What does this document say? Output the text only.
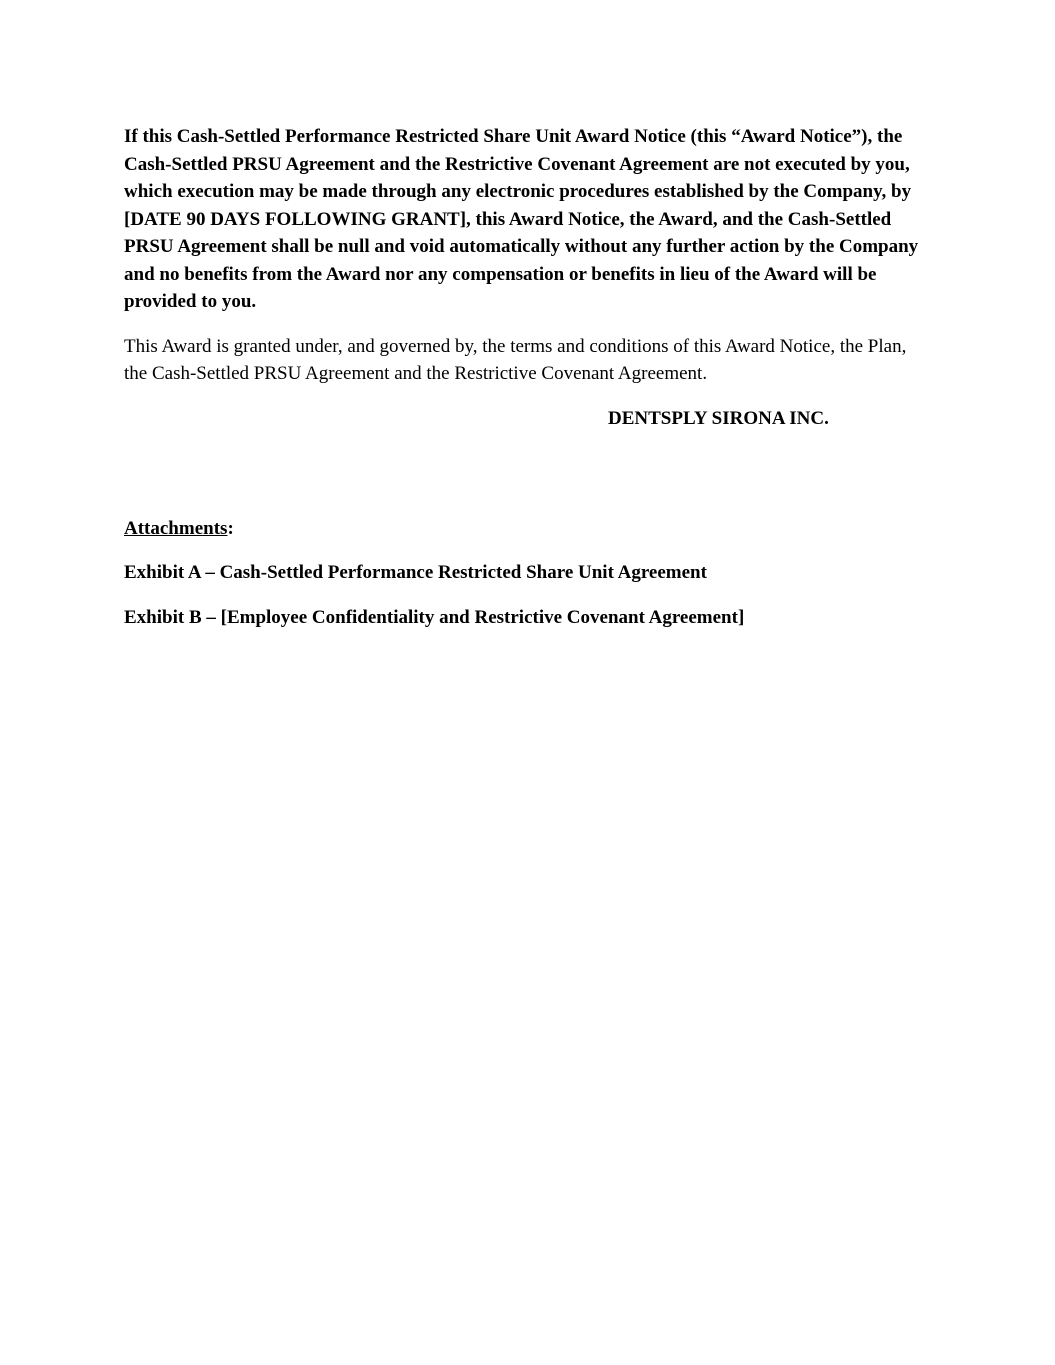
If this Cash-Settled Performance Restricted Share Unit Award Notice (this “Award Notice”), the Cash-Settled PRSU Agreement and the Restrictive Covenant Agreement are not executed by you, which execution may be made through any electronic procedures established by the Company, by [DATE 90 DAYS FOLLOWING GRANT], this Award Notice, the Award, and the Cash-Settled PRSU Agreement shall be null and void automatically without any further action by the Company and no benefits from the Award nor any compensation or benefits in lieu of the Award will be provided to you.

This Award is granted under, and governed by, the terms and conditions of this Award Notice, the Plan, the Cash-Settled PRSU Agreement and the Restrictive Covenant Agreement.

DENTSPLY SIRONA INC.

Attachments:

Exhibit A – Cash-Settled Performance Restricted Share Unit Agreement

Exhibit B – [Employee Confidentiality and Restrictive Covenant Agreement]
